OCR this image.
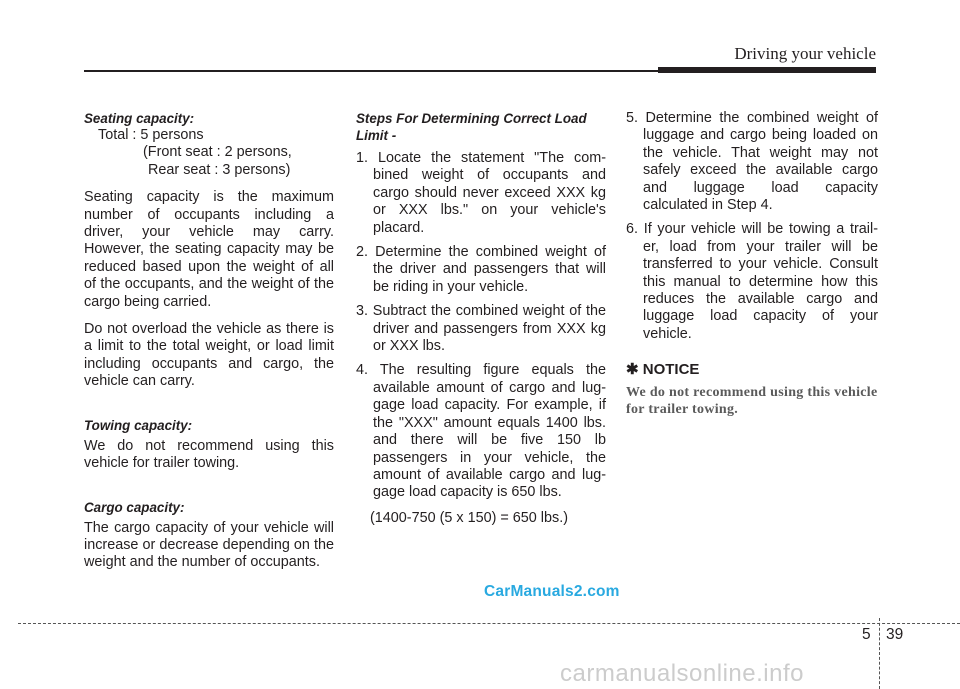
Driving your vehicle
Seating capacity:

Total : 5 persons

(Front seat : 2 persons,

Rear seat : 3 persons)

Seating capacity is the maximum number of occupants including a driver, your vehicle may carry. However, the seating capacity may be reduced based upon the weight of all of the occupants, and the weight of the cargo being carried.

Do not overload the vehicle as there is a limit to the total weight, or load limit including occupants and cargo, the vehicle can carry.

Towing capacity:

We do not recommend using this vehicle for trailer towing.

Cargo capacity:

The cargo capacity of your vehicle will increase or decrease depending on the weight and the number of occupants.

Steps For Determining Correct Load Limit -

1. Locate the statement "The com- bined weight of occupants and cargo should never exceed XXX kg or XXX lbs." on your vehicle's placard.

2. Determine the combined weight of the driver and passengers that will be riding in your vehicle.

3. Subtract the combined weight of the driver and passengers from XXX kg or XXX lbs.

4. The resulting figure equals the available amount of cargo and lug- gage load capacity. For example, if the "XXX" amount equals 1400 lbs. and there will be five 150 lb passengers in your vehicle, the amount of available cargo and lug- gage load capacity is 650 lbs.

(1400-750 (5 x 150) = 650 lbs.)

5. Determine the combined weight of luggage and cargo being loaded on the vehicle. That weight may not safely exceed the available cargo and luggage load capacity calculated in Step 4.

6. If your vehicle will be towing a trail- er, load from your trailer will be transferred to your vehicle. Consult this manual to determine how this reduces the available cargo and luggage load capacity of your vehicle.

✱ NOTICE

We do not recommend using this vehicle for trailer towing.

CarManuals2.com
5 39
carmanualsonline.info
